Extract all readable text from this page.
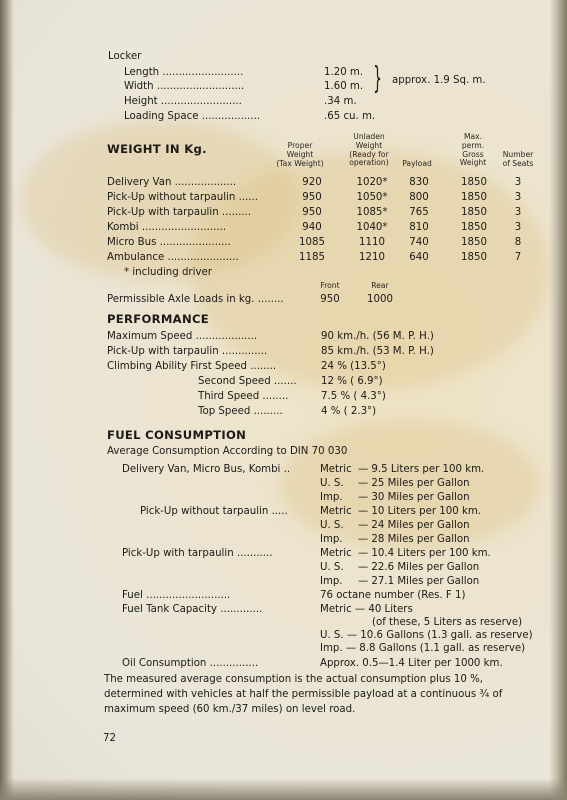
Locker
Length .........................	1.20 m.
Width ...........................	1.60 m.
Height .........................	.34 m.
Loading Space ..................	.65 cu. m.
} approx. 1.9 Sq. m.
WEIGHT IN Kg.	Proper
Weight
(Tax Weight)
Unladen
Weight
(Ready for
operation)	Payload
Max.
perm.
Gross
Weight
Number
of Seats
Delivery Van ...................	920	1020*	830	1850	3
Pick-Up without tarpaulin ......	950	1050*	800	1850	3
Pick-Up with tarpaulin .........	950	1085*	765	1850	3
Kombi ..........................	940	1040*	810	1850	3
Micro Bus ......................	1085	1110	740	1850	8
Ambulance ......................	1185	1210	640	1850	7
* including driver
Front	Rear
Permissible Axle Loads in kg. ........	950	1000
PERFORMANCE
Maximum Speed ...................	90 km./h. (56 M. P. H.)
Pick-Up with tarpaulin ..............	85 km./h. (53 M. P. H.)
Climbing Ability First Speed ........	24 % (13.5°)
Second Speed .......	12 % ( 6.9°)
Third Speed ........	7.5 % ( 4.3°)
Top Speed .........	4 % ( 2.3°)
FUEL CONSUMPTION
Average Consumption According to DIN 70 030
Delivery Van, Micro Bus, Kombi ..	Metric — 9.5 Liters per 100 km.
U. S. — 25 Miles per Gallon
Imp. — 30 Miles per Gallon
Pick-Up without tarpaulin .....	Metric — 10 Liters per 100 km.
U. S. — 24 Miles per Gallon
Imp. — 28 Miles per Gallon
Pick-Up with tarpaulin ...........	Metric — 10.4 Liters per 100 km.
U. S. — 22.6 Miles per Gallon
Imp. — 27.1 Miles per Gallon
Fuel ..........................	76 octane number (Res. F 1)
Fuel Tank Capacity .............	Metric — 40 Liters
(of these, 5 Liters as reserve)
U. S. — 10.6 Gallons (1.3 gall. as reserve)
Imp. — 8.8 Gallons (1.1 gall. as reserve)
Oil Consumption ...............	Approx. 0.5—1.4 Liter per 1000 km.
The measured average consumption is the actual consumption plus 10 %,
determined with vehicles at half the permissible payload at a continuous ¾ of
maximum speed (60 km./37 miles) on level road.
72
